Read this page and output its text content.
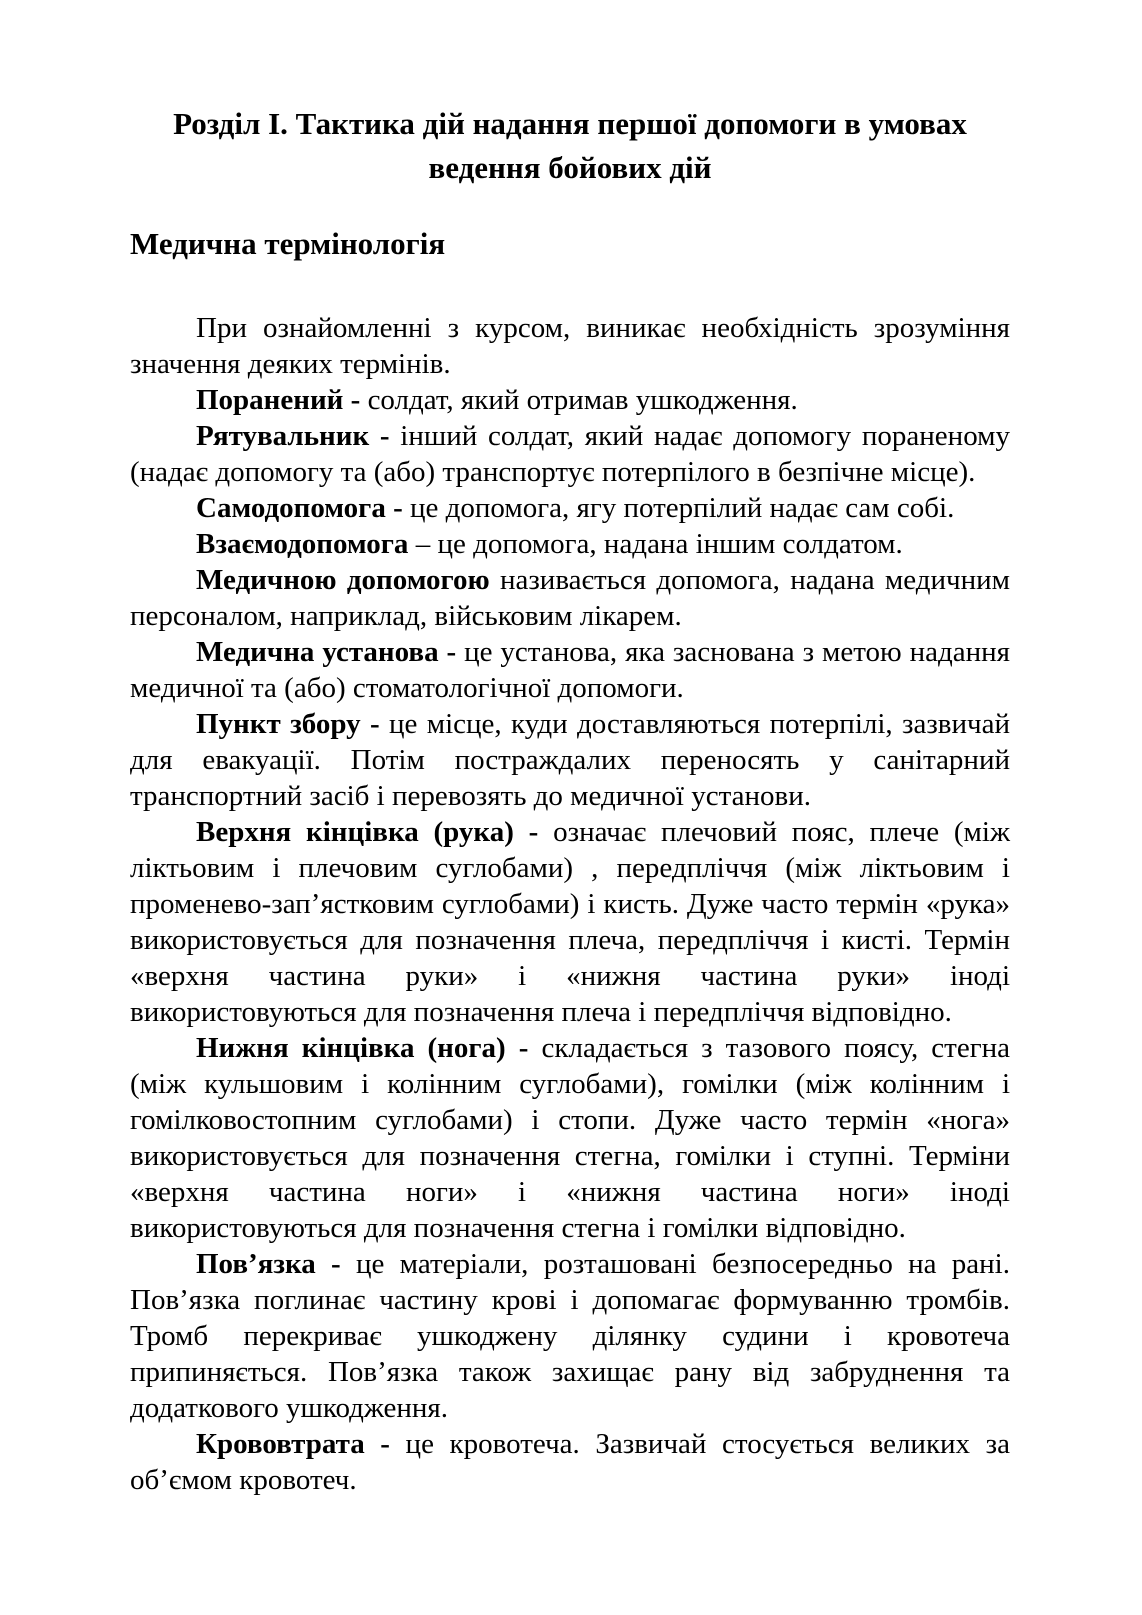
Розділ І. Тактика дій надання першої допомоги в умовах
ведення бойових дій
Медична термінологія

При ознайомленні з курсом, виникає необхідність зрозуміння значення деяких термінів.

Поранений - солдат, який отримав ушкодження.

Рятувальник - інший солдат, який надає допомогу пораненому (надає допомогу та (або) транспортує потерпілого в безпічне місце).

Самодопомога - це допомога, ягу потерпілий надає сам собі.

Взаємодопомога – це допомога, надана іншим солдатом.

Медичною допомогою називається допомога, надана медичним персоналом, наприклад, військовим лікарем.

Медична установа - це установа, яка заснована з метою надання медичної та (або) стоматологічної допомоги.

Пункт збору - це місце, куди доставляються потерпілі, зазвичай для евакуації. Потім постраждалих переносять у санітарний транспортний засіб і перевозять до медичної установи.

Верхня кінцівка (рука) - означає плечовий пояс, плече (між ліктьовим і плечовим суглобами) , передпліччя (між ліктьовим і променево-зап’ястковим суглобами) і кисть. Дуже часто термін «рука» використовується для позначення плеча, передпліччя і кисті. Термін «верхня частина руки» і «нижня частина руки» іноді використовуються для позначення плеча і передпліччя відповідно.

Нижня кінцівка (нога) - складається з тазового поясу, стегна (між кульшовим і колінним суглобами), гомілки (між колінним і гомілковостопним суглобами) і стопи. Дуже часто термін «нога» використовується для позначення стегна, гомілки і ступні. Терміни «верхня частина ноги» і «нижня частина ноги» іноді використовуються для позначення стегна і гомілки відповідно.

Пов’язка - це матеріали, розташовані безпосередньо на рані. Пов’язка поглинає частину крові і допомагає формуванню тромбів. Тромб перекриває ушкоджену ділянку судини і кровотеча припиняється. Пов’язка також захищає рану від забруднення та додаткового ушкодження.

Крововтрата - це кровотеча. Зазвичай стосується великих за об’ємом кровотеч.
